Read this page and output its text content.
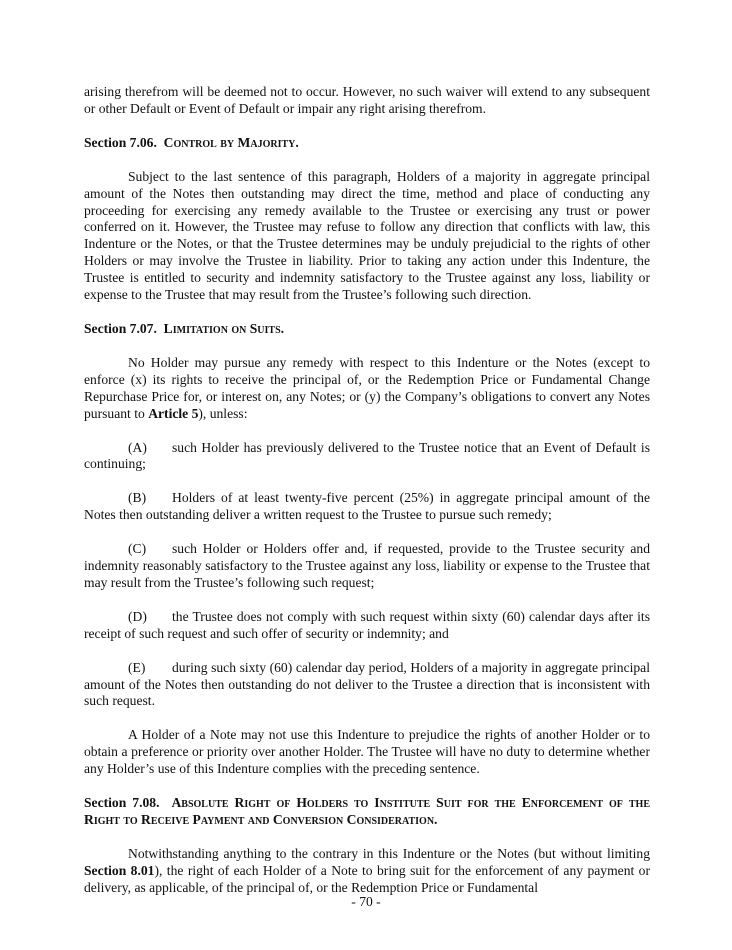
arising therefrom will be deemed not to occur. However, no such waiver will extend to any subsequent or other Default or Event of Default or impair any right arising therefrom.

Section 7.06. Control by Majority.

Subject to the last sentence of this paragraph, Holders of a majority in aggregate principal amount of the Notes then outstanding may direct the time, method and place of conducting any proceeding for exercising any remedy available to the Trustee or exercising any trust or power conferred on it. However, the Trustee may refuse to follow any direction that conflicts with law, this Indenture or the Notes, or that the Trustee determines may be unduly prejudicial to the rights of other Holders or may involve the Trustee in liability. Prior to taking any action under this Indenture, the Trustee is entitled to security and indemnity satisfactory to the Trustee against any loss, liability or expense to the Trustee that may result from the Trustee’s following such direction.

Section 7.07. Limitation on Suits.

No Holder may pursue any remedy with respect to this Indenture or the Notes (except to enforce (x) its rights to receive the principal of, or the Redemption Price or Fundamental Change Repurchase Price for, or interest on, any Notes; or (y) the Company’s obligations to convert any Notes pursuant to Article 5), unless:

(A) such Holder has previously delivered to the Trustee notice that an Event of Default is continuing;

(B) Holders of at least twenty-five percent (25%) in aggregate principal amount of the Notes then outstanding deliver a written request to the Trustee to pursue such remedy;

(C) such Holder or Holders offer and, if requested, provide to the Trustee security and indemnity reasonably satisfactory to the Trustee against any loss, liability or expense to the Trustee that may result from the Trustee’s following such request;

(D) the Trustee does not comply with such request within sixty (60) calendar days after its receipt of such request and such offer of security or indemnity; and

(E) during such sixty (60) calendar day period, Holders of a majority in aggregate principal amount of the Notes then outstanding do not deliver to the Trustee a direction that is inconsistent with such request.

A Holder of a Note may not use this Indenture to prejudice the rights of another Holder or to obtain a preference or priority over another Holder. The Trustee will have no duty to determine whether any Holder’s use of this Indenture complies with the preceding sentence.

Section 7.08. Absolute Right of Holders to Institute Suit for the Enforcement of the Right to Receive Payment and Conversion Consideration.

Notwithstanding anything to the contrary in this Indenture or the Notes (but without limiting Section 8.01), the right of each Holder of a Note to bring suit for the enforcement of any payment or delivery, as applicable, of the principal of, or the Redemption Price or Fundamental

- 70 -
